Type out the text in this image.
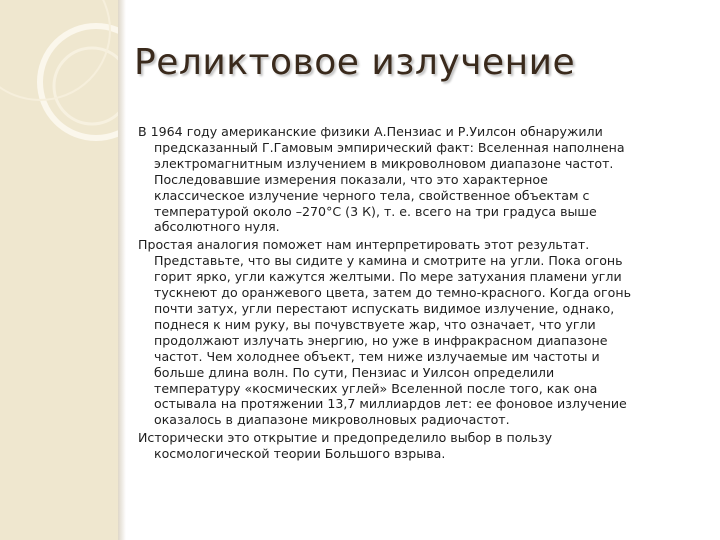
Реликтовое излучение
В 1964 году американские физики А.Пензиас и Р.Уилсон обнаружили
предсказанный Г.Гамовым эмпирический факт: Вселенная наполнена
электромагнитным излучением в микроволновом диапазоне частот.
Последовавшие измерения показали, что это характерное
классическое излучение черного тела, свойственное объектам с
температурой около –270°С (3 К), т. е. всего на три градуса выше
абсолютного нуля.
Простая аналогия поможет нам интерпретировать этот результат.
Представьте, что вы сидите у камина и смотрите на угли. Пока огонь
горит ярко, угли кажутся желтыми. По мере затухания пламени угли
тускнеют до оранжевого цвета, затем до темно-красного. Когда огонь
почти затух, угли перестают испускать видимое излучение, однако,
поднеся к ним руку, вы почувствуете жар, что означает, что угли
продолжают излучать энергию, но уже в инфракрасном диапазоне
частот. Чем холоднее объект, тем ниже излучаемые им частоты и
больше длина волн. По сути, Пензиас и Уилсон определили
температуру «космических углей» Вселенной после того, как она
остывала на протяжении 13,7 миллиардов лет: ее фоновое излучение
оказалось в диапазоне микроволновых радиочастот.
Исторически это открытие и предопределило выбор в пользу
космологической теории Большого взрыва.
